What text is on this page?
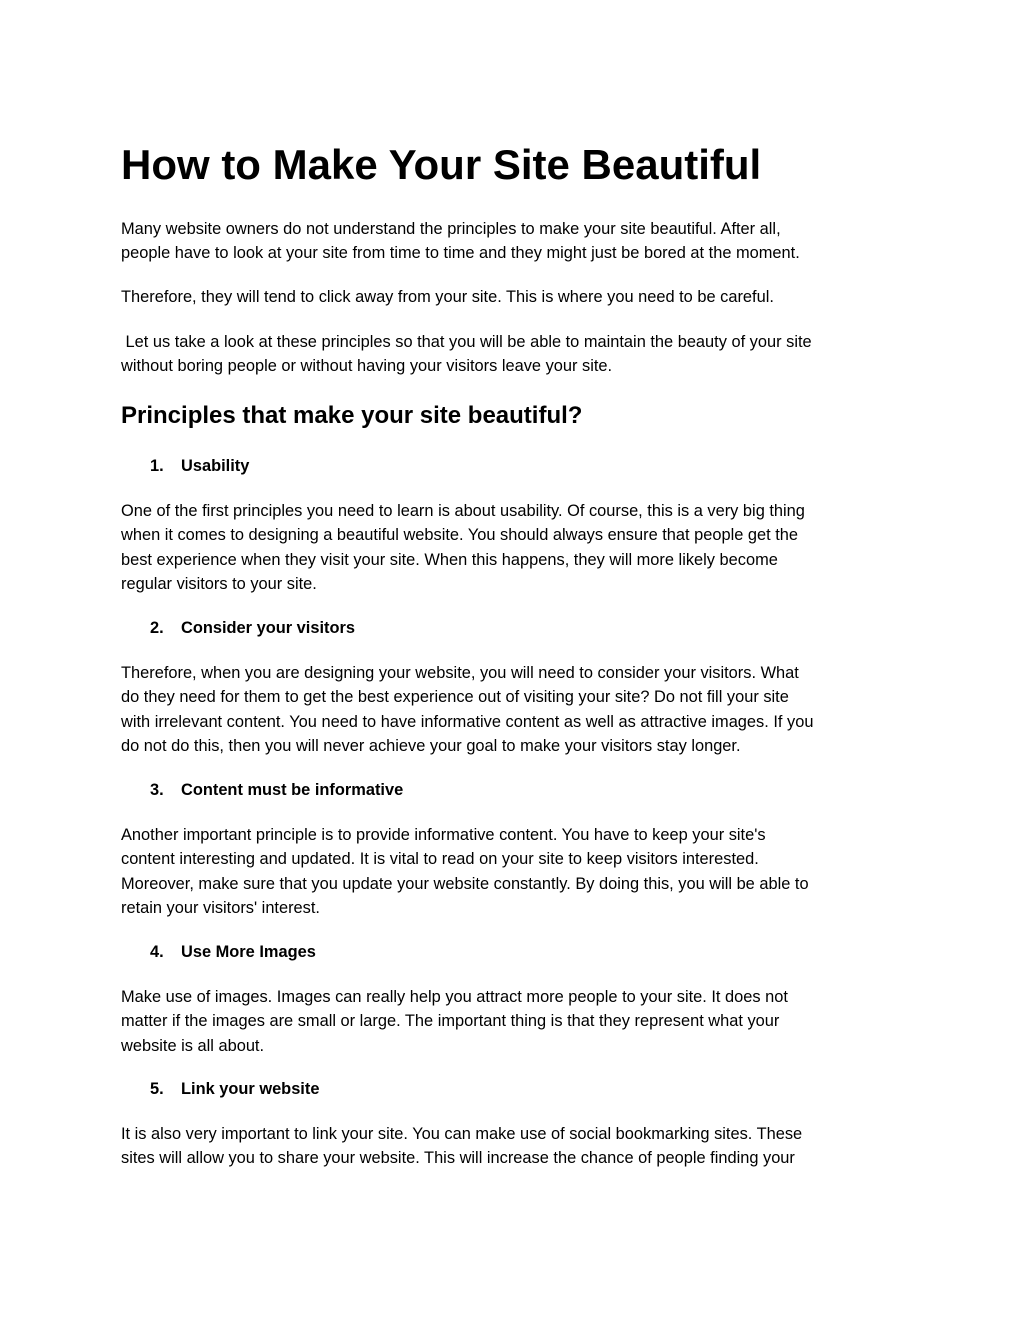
How to Make Your Site Beautiful

Many website owners do not understand the principles to make your site beautiful. After all,
people have to look at your site from time to time and they might just be bored at the moment.

Therefore, they will tend to click away from your site. This is where you need to be careful.

Let us take a look at these principles so that you will be able to maintain the beauty of your site
without boring people or without having your visitors leave your site.

Principles that make your site beautiful?
1. Usability

One of the first principles you need to learn is about usability. Of course, this is a very big thing
when it comes to designing a beautiful website. You should always ensure that people get the
best experience when they visit your site. When this happens, they will more likely become
regular visitors to your site.

2. Consider your visitors

Therefore, when you are designing your website, you will need to consider your visitors. What
do they need for them to get the best experience out of visiting your site? Do not fill your site
with irrelevant content. You need to have informative content as well as attractive images. If you
do not do this, then you will never achieve your goal to make your visitors stay longer.

3. Content must be informative

Another important principle is to provide informative content. You have to keep your site's
content interesting and updated. It is vital to read on your site to keep visitors interested.
Moreover, make sure that you update your website constantly. By doing this, you will be able to
retain your visitors' interest.

4. Use More Images

Make use of images. Images can really help you attract more people to your site. It does not
matter if the images are small or large. The important thing is that they represent what your
website is all about.

5. Link your website

It is also very important to link your site. You can make use of social bookmarking sites. These
sites will allow you to share your website. This will increase the chance of people finding your
